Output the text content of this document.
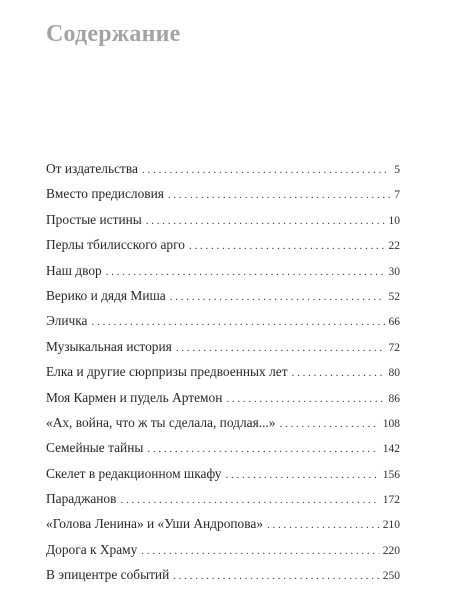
Содержание
От издательства . . .	5
Вместо предисловия . . .	7
Простые истины . . .	10
Перлы тбилисского арго . . .	22
Наш двор . . .	30
Верико и дядя Миша . . .	52
Эличка . . .	66
Музыкальная история . . .	72
Елка и другие сюрпризы предвоенных лет . . .	80
Моя Кармен и пудель Артемон . . .	86
«Ах, война, что ж ты сделала, подлая...» . . .	108
Семейные тайны . . .	142
Скелет в редакционном шкафу . . .	156
Параджанов . . .	172
«Голова Ленина» и «Уши Андропова» . . .	210
Дорога к Храму . . .	220
В эпицентре событий . . .	250
